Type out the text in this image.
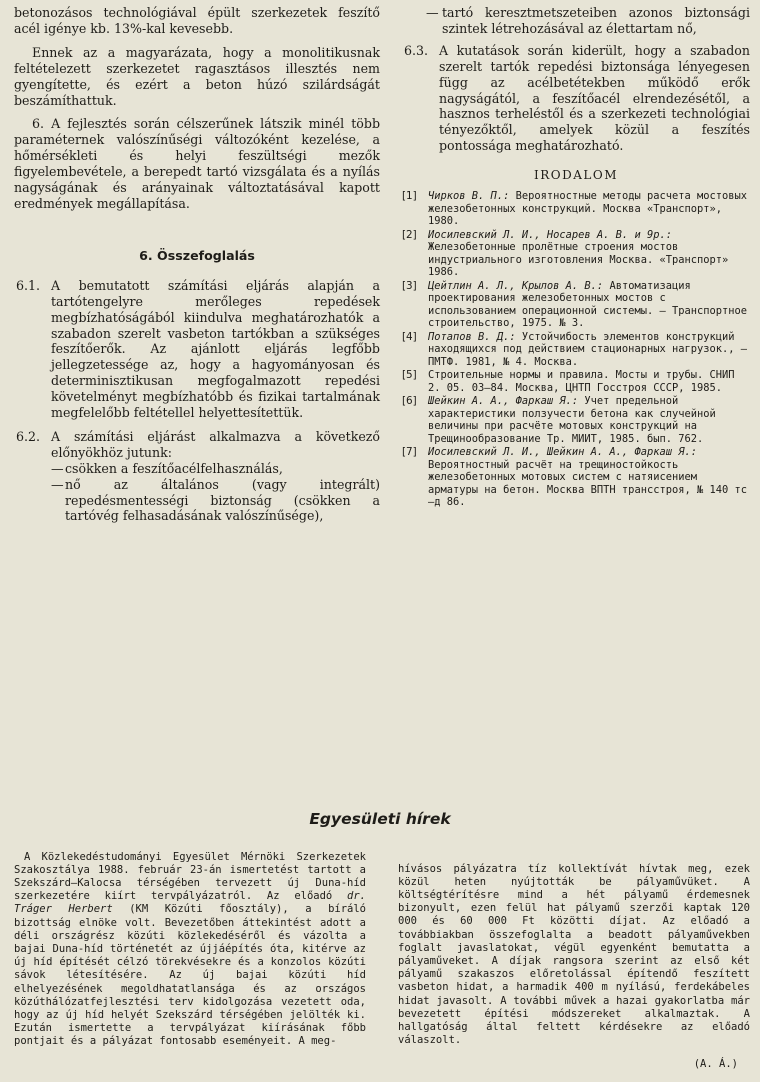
betonozásos technológiával épült szerkezetek feszítő acél igénye kb. 13%-kal kevesebb.

Ennek az a magyarázata, hogy a monolitikusnak feltételezett szerkezetet ragasztásos illesztés nem gyengítette, és ezért a beton húzó szilárdságát beszámíthattuk.

6. A fejlesztés során célszerűnek látszik minél több paraméternek valószínűségi változóként kezelése, a hőmérsékleti és helyi feszültségi mezők figyelembevétele, a berepedt tartó vizsgálata és a nyílás nagyságának és arányainak változtatásával kapott eredmények megállapítása.

6. Összefoglalás

6.1. A bemutatott számítási eljárás alapján a tartótengelyre merőleges repedések megbízhatóságából kiindulva meghatározhatók a szabadon szerelt vasbeton tartókban a szükséges feszítőerők. Az ajánlott eljárás legfőbb jellegzetessége az, hogy a hagyományosan és determinisztikusan megfogalmazott repedési követelményt megbízhatóbb és fizikai tartalmának megfelelőbb feltétellel helyettesítettük.

6.2. A számítási eljárást alkalmazva a következő előnyökhöz jutunk:

— csökken a feszítőacélfelhasználás,
— nő az általános (vagy integrált) repedésmentességi biztonság (csökken a tartóvég felhasadásának valószínűsége),
— tartó keresztmetszeteiben azonos biztonsági szintek létrehozásával az élettartam nő,

6.3. A kutatások során kiderült, hogy a szabadon szerelt tartók repedési biztonsága lényegesen függ az acélbetétekben működő erők nagyságától, a feszítőacél elrendezésétől, a hasznos terheléstől és a szerkezeti technológiai tényezőktől, amelyek közül a feszítés pontossága meghatározható.

IRODALOM

[1] Чирков В. П.: Вероятностные методы расчета мостовых железобетонных конструкций. Москва «Транспорт», 1980.

[2] Иосилевский Л. И., Носарев А. В. и 9р.: Железобетонные пролётные строения мостов индустриального изготовления Москва. «Транспорт» 1986.

[3] Цейтлин А. Л., Крылов А. В.: Автоматизация проектирования железобетонных мостов с использованием операционной системы. — Транспортное строительство, 1975. № 3.

[4] Потапов В. Д.: Устойчибость элементов конструкций находящихся под действием стационарных нагрузок., — ПМТФ. 1981, № 4. Москва.

[5] Строительные нормы и правила. Мосты и трубы. СНИП 2. 05. 03—84. Москва, ЦНТП Госстроя СССР, 1985.

[6] Шейкин А. А., Фаркаш Я.: Учет предельной характеристики ползучести бетона как случейной величины при расчёте мотовых конструкций на Трещинообразование Тр. МИИТ, 1985. бып. 762.

[7] Иосилевский Л. И., Шейкин А. А., Фаркаш Я.: Вероятностный расчёт на трещиностойкость железобетонных мотовых систем с натяисением арматуры на бетон. Москва ВПТН трансстроя, № 140 тс—д 86.

Egyesületi hírek

A Közlekedéstudományi Egyesület Mérnöki Szerkezetek Szakosztálya 1988. február 23-án ismertetést tartott a Szekszárd—Kalocsa térségében tervezett új Duna-híd szerkezetére kiírt tervpályázatról. Az előadó dr. Tráger Herbert (KM Közúti főosztály), a bíráló bizottság elnöke volt. Bevezetőben áttekintést adott a déli országrész közúti közlekedéséről és vázolta a bajai Duna-híd történetét az újjáépítés óta, kitérve az új híd építését célzó törekvésekre és a konzolos közúti sávok létesítésére. Az új bajai közúti híd elhelyezésének megoldhatatlansága és az országos közúthálózatfejlesztési terv kidolgozása vezetett oda, hogy az új híd helyét Szekszárd térségében jelölték ki. Ezután ismertette a tervpályázat kiírásának főbb pontjait és a pályázat fontosabb eseményeit. A meg-

hívásos pályázatra tíz kollektívát hívtak meg, ezek közül heten nyújtották be pályaművüket. A költségtérítésre mind a hét pályamű érdemesnek bizonyult, ezen felül hat pályamű szerzői kaptak 120 000 és 60 000 Ft közötti díjat. Az előadó a továbbiakban összefoglalta a beadott pályaművekben foglalt javaslatokat, végül egyenként bemutatta a pályaműveket. A díjak rangsora szerint az első két pályamű szakaszos előretolással építendő feszített vasbeton hidat, a harmadik 400 m nyílású, ferdekábeles hidat javasolt. A további művek a hazai gyakorlatba már bevezetett építési módszereket alkalmaztak. A hallgatóság által feltett kérdésekre az előadó válaszolt.

(A. Á.)
